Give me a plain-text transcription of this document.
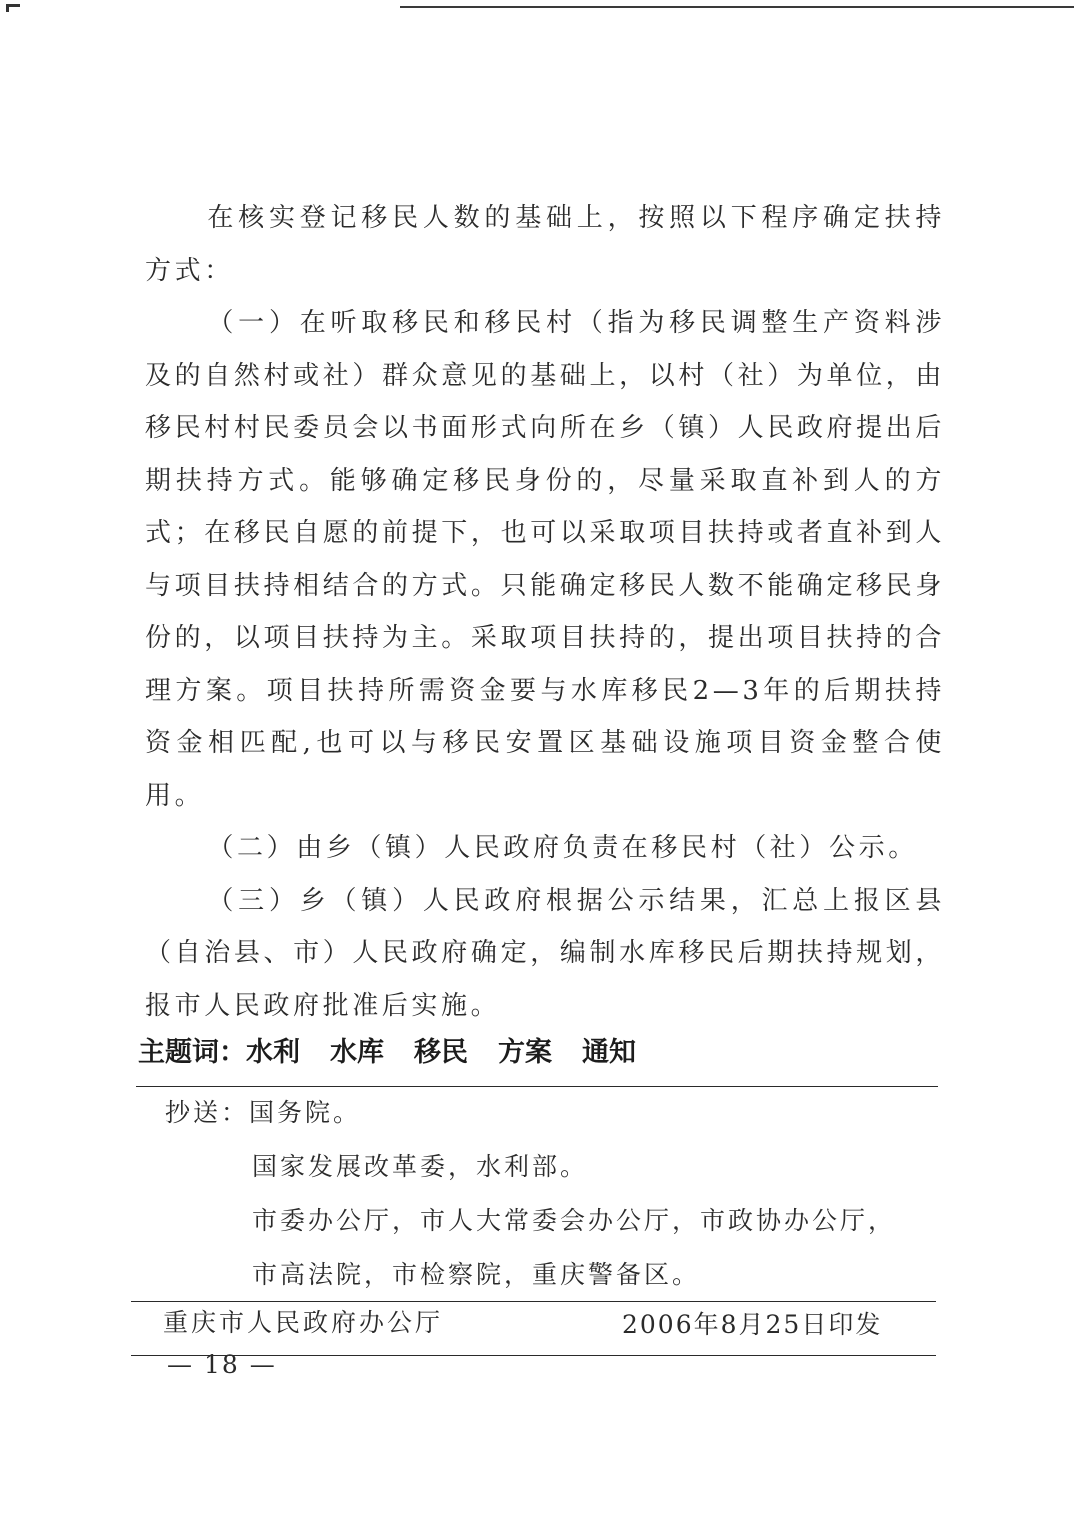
在核实登记移民人数的基础上，按照以下程序确定扶持方式：

（一）在听取移民和移民村（指为移民调整生产资料涉及的自然村或社）群众意见的基础上，以村（社）为单位，由移民村村民委员会以书面形式向所在乡（镇）人民政府提出后期扶持方式。能够确定移民身份的，尽量采取直补到人的方式；在移民自愿的前提下，也可以采取项目扶持或者直补到人与项目扶持相结合的方式。只能确定移民人数不能确定移民身份的，以项目扶持为主。采取项目扶持的，提出项目扶持的合理方案。项目扶持所需资金要与水库移民2—3年的后期扶持资金相匹配,也可以与移民安置区基础设施项目资金整合使用。

（二）由乡（镇）人民政府负责在移民村（社）公示。

（三）乡（镇）人民政府根据公示结果，汇总上报区县（自治县、市）人民政府确定，编制水库移民后期扶持规划，报市人民政府批准后实施。

主题词：水利 水库 移民 方案 通知
抄送：国务院。
国家发展改革委，水利部。
市委办公厅，市人大常委会办公厅，市政协办公厅，
市高法院，市检察院，重庆警备区。
重庆市人民政府办公厅	2006年8月25日印发
— 18 —
